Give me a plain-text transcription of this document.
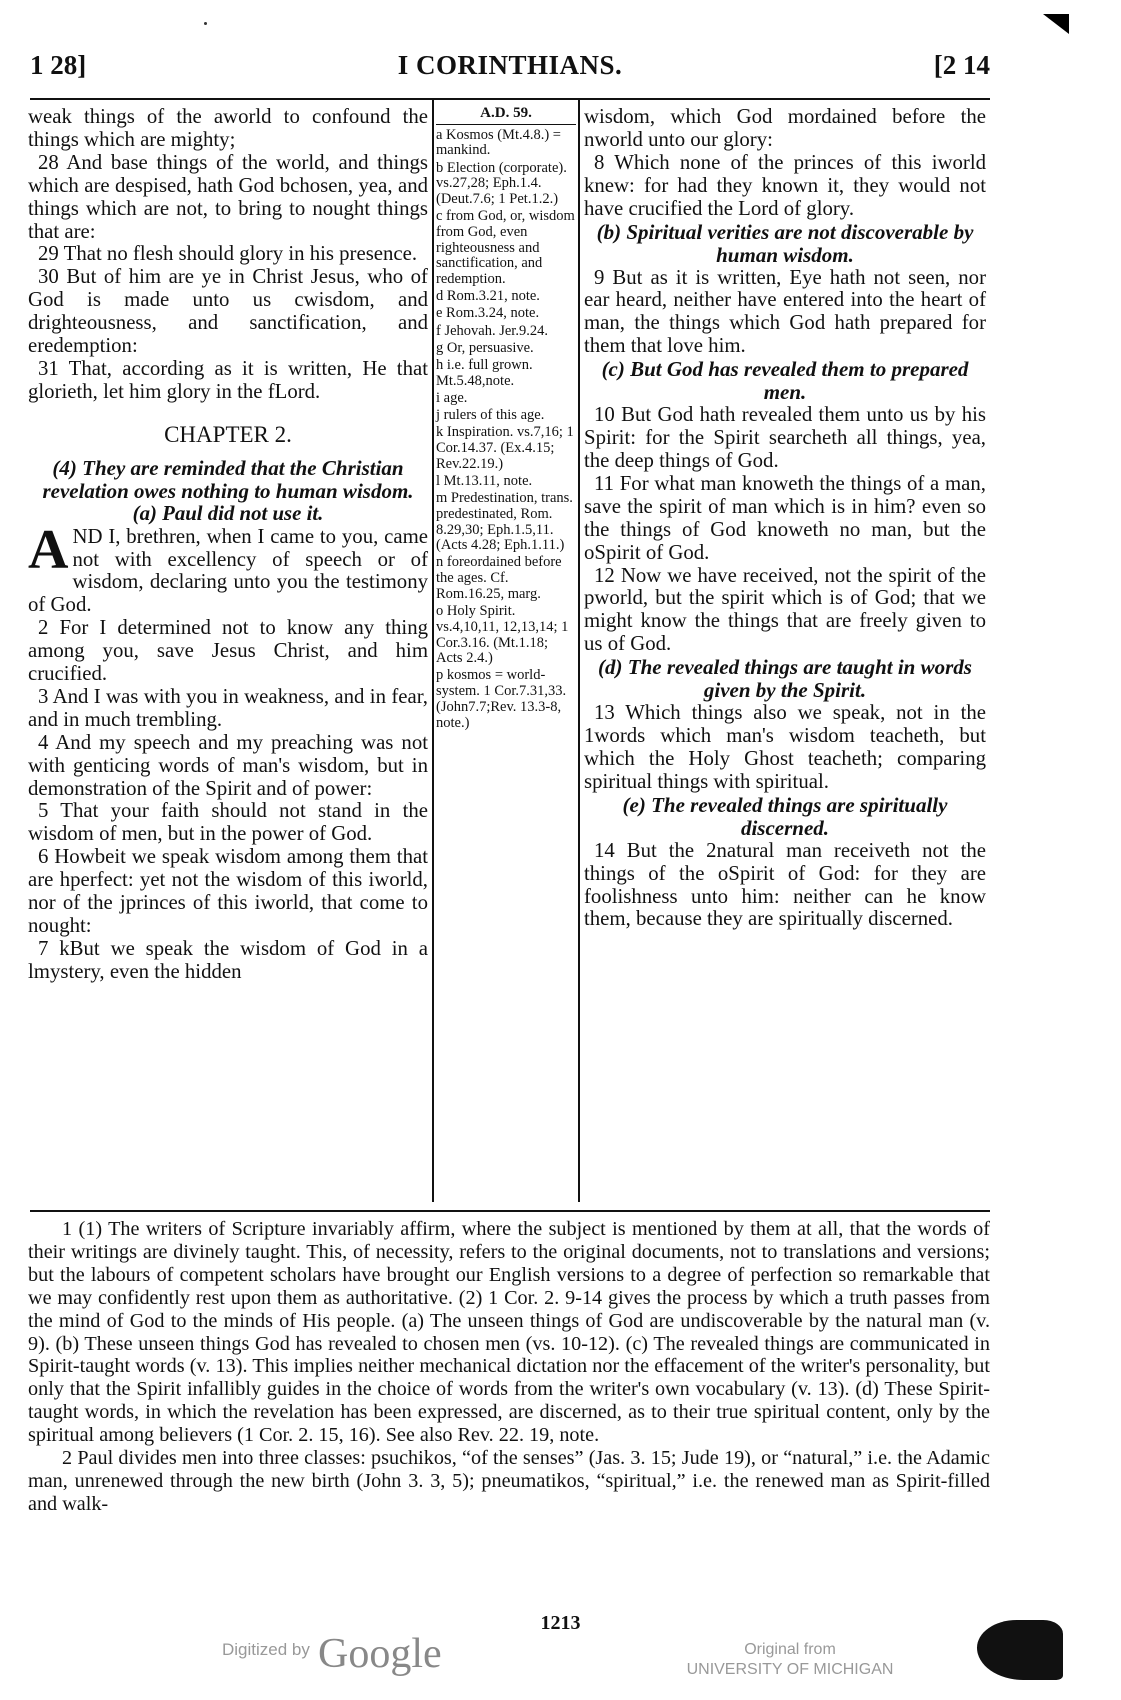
1 28]	I CORINTHIANS.	[2 14

weak things of the aworld to confound the things which are mighty;

28 And base things of the world, and things which are despised, hath God bchosen, yea, and things which are not, to bring to nought things that are:

29 That no flesh should glory in his presence.

30 But of him are ye in Christ Jesus, who of God is made unto us cwisdom, and drighteousness, and sanctification, and eredemption:

31 That, according as it is written, He that glorieth, let him glory in the fLord.

CHAPTER 2.

(4) They are reminded that the Christian revelation owes nothing to human wisdom.

(a) Paul did not use it.

AND I, brethren, when I came to you, came not with excellency of speech or of wisdom, declaring unto you the testimony of God.

2 For I determined not to know any thing among you, save Jesus Christ, and him crucified.

3 And I was with you in weakness, and in fear, and in much trembling.

4 And my speech and my preaching was not with genticing words of man's wisdom, but in demonstration of the Spirit and of power:

5 That your faith should not stand in the wisdom of men, but in the power of God.

6 Howbeit we speak wisdom among them that are hperfect: yet not the wisdom of this iworld, nor of the jprinces of this iworld, that come to nought:

7 kBut we speak the wisdom of God in a lmystery, even the hidden

A.D. 59.
a Kosmos (Mt.4.8.) = mankind.
b Election (corporate). vs.27,28; Eph.1.4. (Deut.7.6; 1 Pet.1.2.)
c from God, or, wisdom from God, even righteousness and sanctification, and redemption.
d Rom.3.21, note.
e Rom.3.24, note.
f Jehovah. Jer.9.24.
g Or, persuasive.
h i.e. full grown. Mt.5.48,note.
i age.
j rulers of this age.
k Inspiration. vs.7,16; 1 Cor.14.37. (Ex.4.15; Rev.22.19.)
l Mt.13.11, note.
m Predestination, trans. predestinated, Rom. 8.29,30; Eph.1.5,11. (Acts 4.28; Eph.1.11.)
n foreordained before the ages. Cf. Rom.16.25, marg.
o Holy Spirit. vs.4,10,11, 12,13,14; 1 Cor.3.16. (Mt.1.18; Acts 2.4.)
p kosmos = world-system. 1 Cor.7.31,33. (John7.7;Rev. 13.3-8, note.)

wisdom, which God mordained before the nworld unto our glory:

8 Which none of the princes of this iworld knew: for had they known it, they would not have crucified the Lord of glory.

(b) Spiritual verities are not discoverable by human wisdom.

9 But as it is written, Eye hath not seen, nor ear heard, neither have entered into the heart of man, the things which God hath prepared for them that love him.

(c) But God has revealed them to prepared men.

10 But God hath revealed them unto us by his Spirit: for the Spirit searcheth all things, yea, the deep things of God.

11 For what man knoweth the things of a man, save the spirit of man which is in him? even so the things of God knoweth no man, but the oSpirit of God.

12 Now we have received, not the spirit of the pworld, but the spirit which is of God; that we might know the things that are freely given to us of God.

(d) The revealed things are taught in words given by the Spirit.

13 Which things also we speak, not in the 1words which man's wisdom teacheth, but which the Holy Ghost teacheth; comparing spiritual things with spiritual.

(e) The revealed things are spiritually discerned.

14 But the 2natural man receiveth not the things of the oSpirit of God: for they are foolishness unto him: neither can he know them, because they are spiritually discerned.

1 (1) The writers of Scripture invariably affirm, where the subject is mentioned by them at all, that the words of their writings are divinely taught. This, of necessity, refers to the original documents, not to translations and versions; but the labours of competent scholars have brought our English versions to a degree of perfection so remarkable that we may confidently rest upon them as authoritative. (2) 1 Cor. 2. 9-14 gives the process by which a truth passes from the mind of God to the minds of His people. (a) The unseen things of God are undiscoverable by the natural man (v. 9). (b) These unseen things God has revealed to chosen men (vs. 10-12). (c) The revealed things are communicated in Spirit-taught words (v. 13). This implies neither mechanical dictation nor the effacement of the writer's personality, but only that the Spirit infallibly guides in the choice of words from the writer's own vocabulary (v. 13). (d) These Spirit-taught words, in which the revelation has been expressed, are discerned, as to their true spiritual content, only by the spiritual among believers (1 Cor. 2. 15, 16). See also Rev. 22. 19, note.

2 Paul divides men into three classes: psuchikos, “of the senses” (Jas. 3. 15; Jude 19), or “natural,” i.e. the Adamic man, unrenewed through the new birth (John 3. 3, 5); pneumatikos, “spiritual,” i.e. the renewed man as Spirit-filled and walk-

1213
Digitized by Google	Original from
UNIVERSITY OF MICHIGAN
